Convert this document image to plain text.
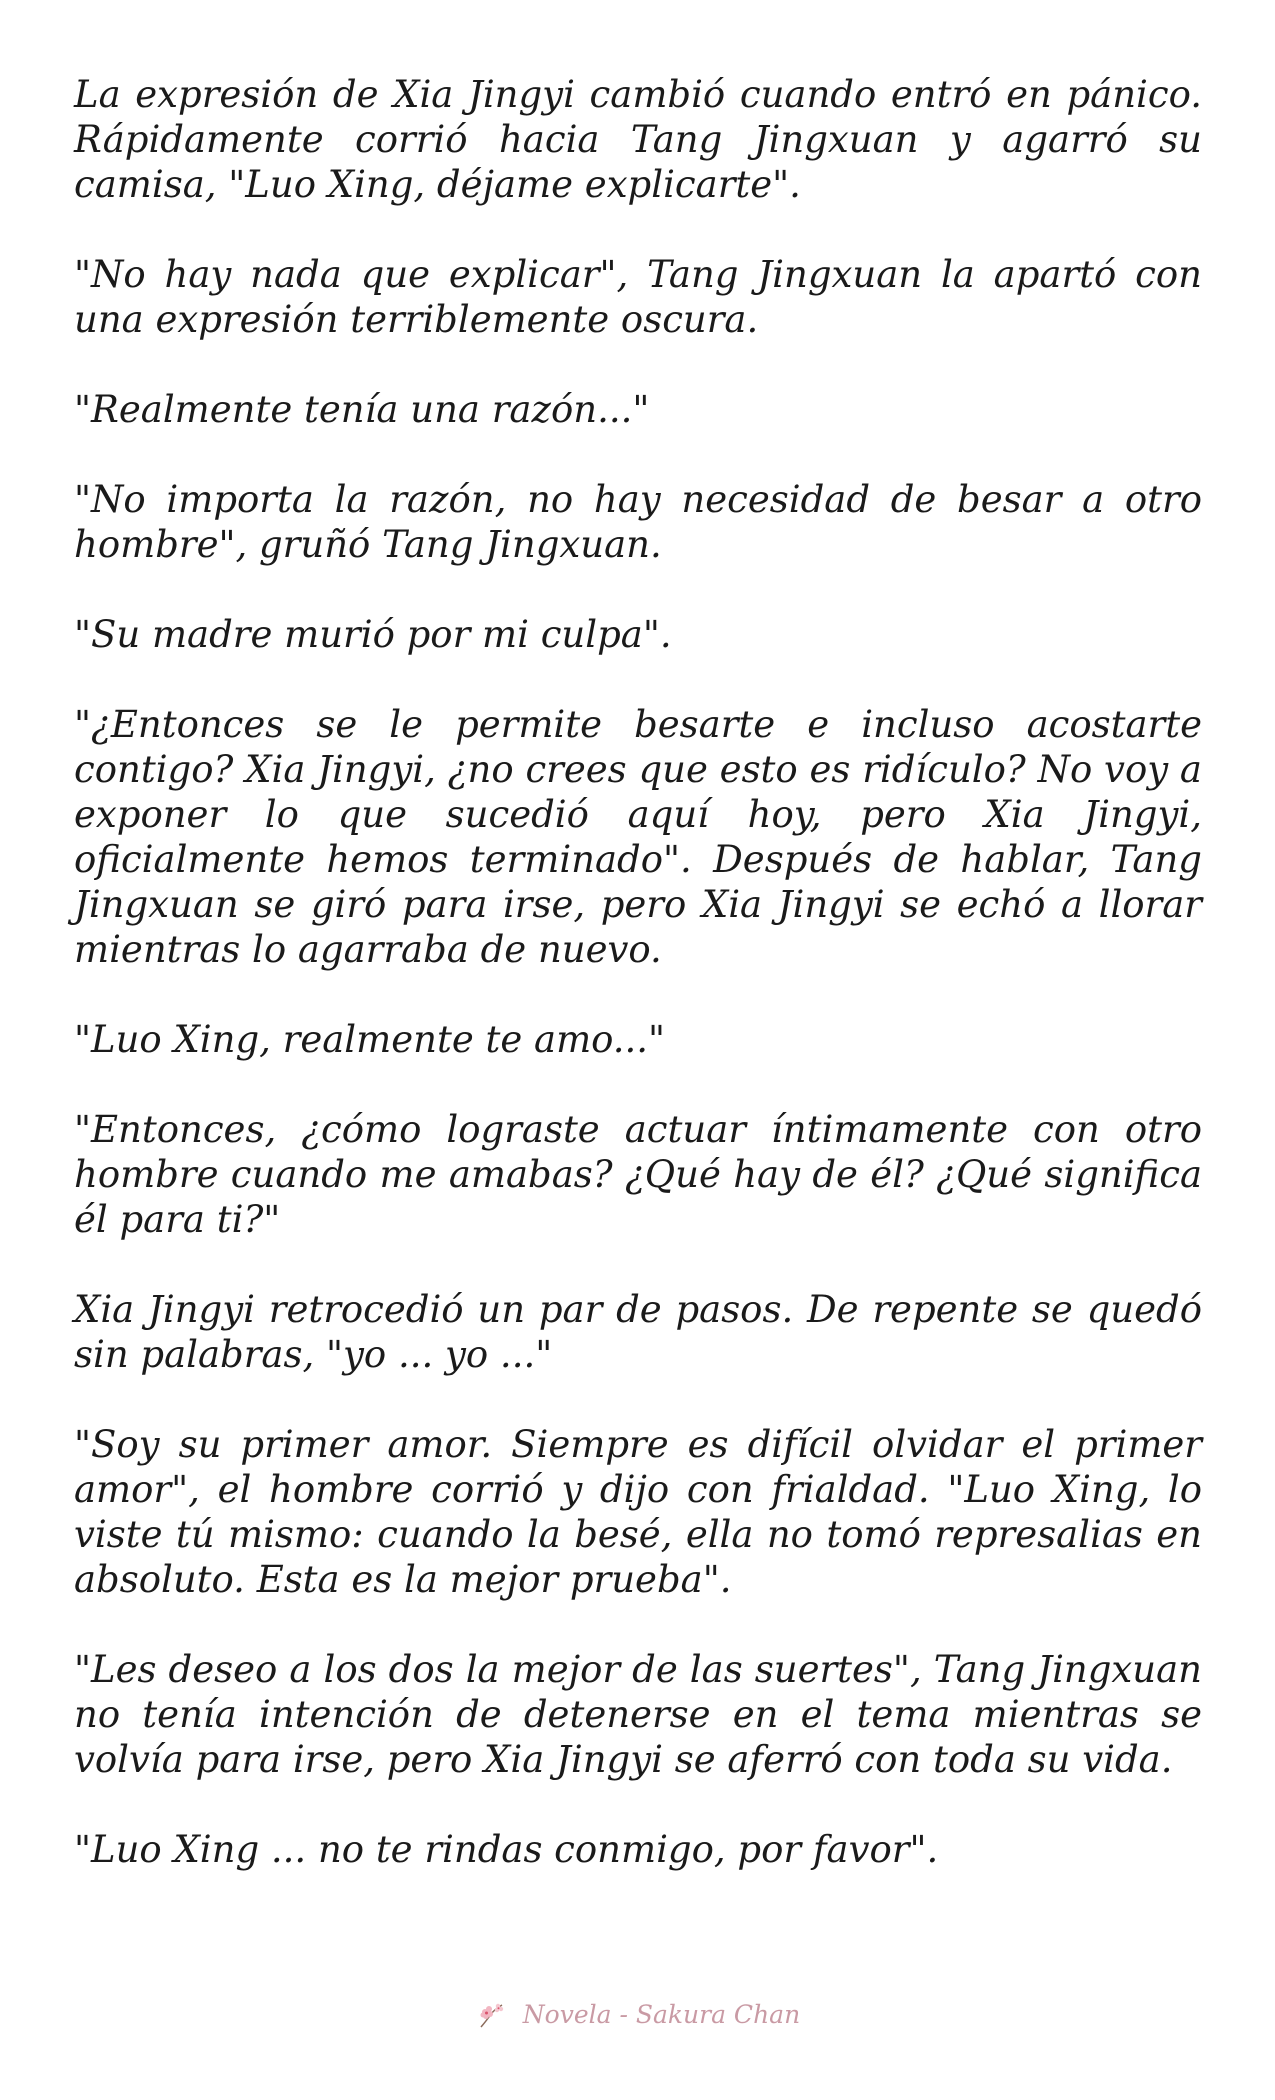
La expresión de Xia Jingyi cambió cuando entró en pánico. Rápidamente corrió hacia Tang Jingxuan y agarró su camisa, "Luo Xing, déjame explicarte".

"No hay nada que explicar", Tang Jingxuan la apartó con una expresión terriblemente oscura.

"Realmente tenía una razón..."

"No importa la razón, no hay necesidad de besar a otro hombre", gruñó Tang Jingxuan.

"Su madre murió por mi culpa".

"¿Entonces se le permite besarte e incluso acostarte contigo? Xia Jingyi, ¿no crees que esto es ridículo? No voy a exponer lo que sucedió aquí hoy, pero Xia Jingyi, oficialmente hemos terminado". Después de hablar, Tang Jingxuan se giró para irse, pero Xia Jingyi se echó a llorar mientras lo agarraba de nuevo.

"Luo Xing, realmente te amo..."

"Entonces, ¿cómo lograste actuar íntimamente con otro hombre cuando me amabas? ¿Qué hay de él? ¿Qué significa él para ti?"

Xia Jingyi retrocedió un par de pasos. De repente se quedó sin palabras, "yo ... yo ..."

"Soy su primer amor. Siempre es difícil olvidar el primer amor", el hombre corrió y dijo con frialdad. "Luo Xing, lo viste tú mismo: cuando la besé, ella no tomó represalias en absoluto. Esta es la mejor prueba".

"Les deseo a los dos la mejor de las suertes", Tang Jingxuan no tenía intención de detenerse en el tema mientras se volvía para irse, pero Xia Jingyi se aferró con toda su vida.

"Luo Xing ... no te rindas conmigo, por favor".

Novela - Sakura Chan
